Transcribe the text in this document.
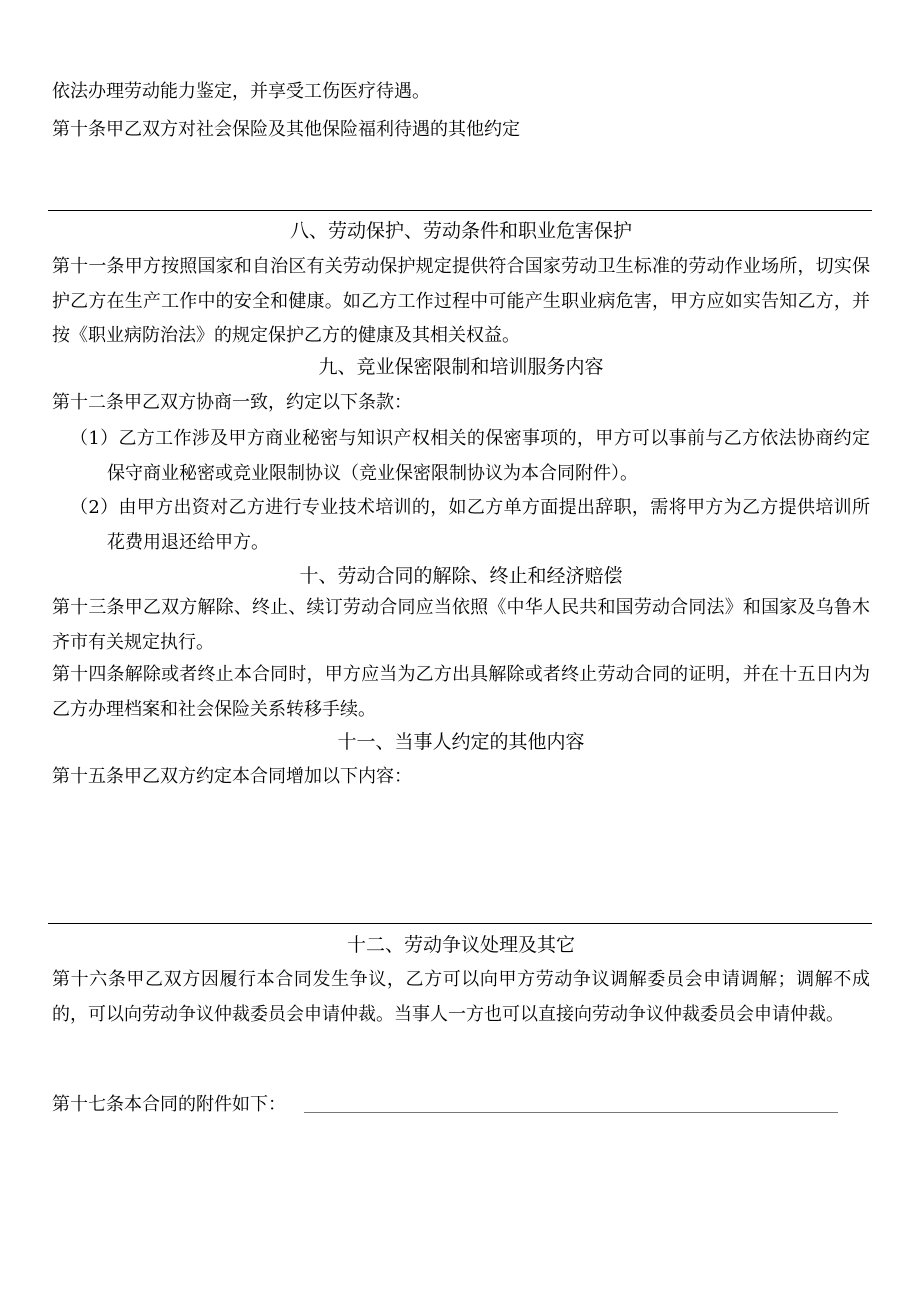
依法办理劳动能力鉴定，并享受工伤医疗待遇。
第十条甲乙双方对社会保险及其他保险福利待遇的其他约定
八、劳动保护、劳动条件和职业危害保护
第十一条甲方按照国家和自治区有关劳动保护规定提供符合国家劳动卫生标准的劳动作业场所，切实保护乙方在生产工作中的安全和健康。如乙方工作过程中可能产生职业病危害，甲方应如实告知乙方，并按《职业病防治法》的规定保护乙方的健康及其相关权益。
九、竞业保密限制和培训服务内容
第十二条甲乙双方协商一致，约定以下条款：
（1）乙方工作涉及甲方商业秘密与知识产权相关的保密事项的，甲方可以事前与乙方依法协商约定保守商业秘密或竞业限制协议（竞业保密限制协议为本合同附件）。
（2）由甲方出资对乙方进行专业技术培训的，如乙方单方面提出辞职，需将甲方为乙方提供培训所花费用退还给甲方。
十、劳动合同的解除、终止和经济赔偿
第十三条甲乙双方解除、终止、续订劳动合同应当依照《中华人民共和国劳动合同法》和国家及乌鲁木齐市有关规定执行。
第十四条解除或者终止本合同时，甲方应当为乙方出具解除或者终止劳动合同的证明，并在十五日内为乙方办理档案和社会保险关系转移手续。
十一、当事人约定的其他内容
第十五条甲乙双方约定本合同增加以下内容：
十二、劳动争议处理及其它
第十六条甲乙双方因履行本合同发生争议，乙方可以向甲方劳动争议调解委员会申请调解；调解不成的，可以向劳动争议仲裁委员会申请仲裁。当事人一方也可以直接向劳动争议仲裁委员会申请仲裁。
第十七条本合同的附件如下：
